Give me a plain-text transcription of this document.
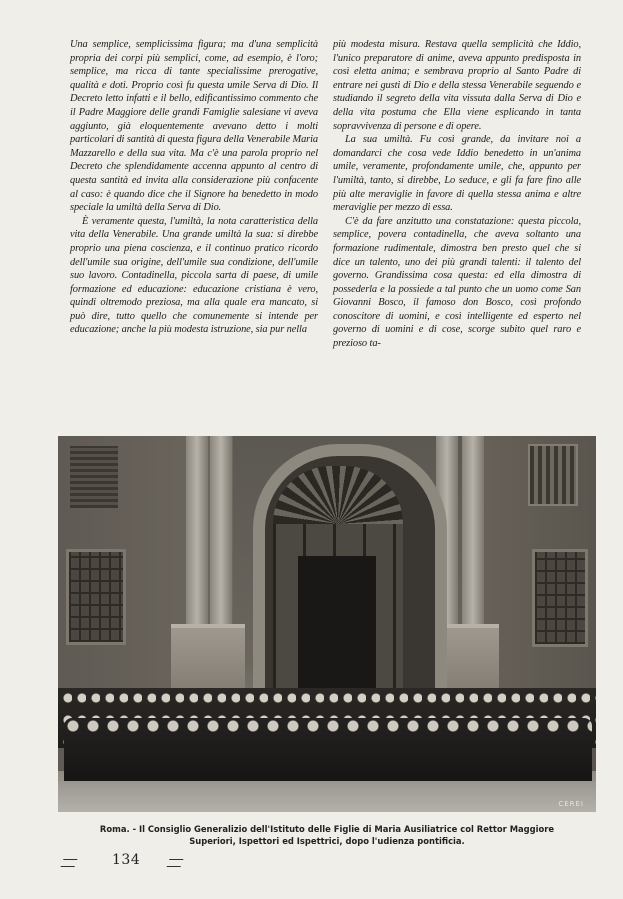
Una semplice, semplicissima figura; ma d'una semplicità propria dei corpi più semplici, come, ad esempio, è l'oro; semplice, ma ricca di tante specialissime prerogative, qualità e doti. Proprio così fu questa umile Serva di Dio. Il Decreto letto infatti e il bello, edificantissimo commento che il Padre Maggiore delle grandi Famiglie salesiane vi aveva aggiunto, già eloquentemente avevano detto i molti particolari di santità di questa figura della Venerabile Maria Mazzarello e della sua vita. Ma c'è una parola proprio nel Decreto che splendidamente accenna appunto al centro di questa santità ed invita alla considerazione più confacente al caso: è quando dice che il Signore ha benedetto in modo speciale la umiltà della Serva di Dio.

È veramente questa, l'umiltà, la nota caratteristica della vita della Venerabile. Una grande umiltà la sua: si direbbe proprio una piena coscienza, e il continuo pratico ricordo dell'umile sua origine, dell'umile sua condizione, dell'umile suo lavoro. Contadinella, piccola sarta di paese, di umile formazione ed educazione: educazione cristiana è vero, quindi oltremodo preziosa, ma alla quale era mancato, si può dire, tutto quello che comunemente si intende per educazione; anche la più modesta istruzione, sia pur nella

più modesta misura. Restava quella semplicità che Iddio, l'unico preparatore di anime, aveva appunto predisposta in così eletta anima; e sembrava proprio al Santo Padre di entrare nei gusti di Dio e della stessa Venerabile seguendo e studiando il segreto della vita vissuta dalla Serva di Dio e della vita postuma che Ella viene esplicando in tanta sopravvivenza di persone e di opere.

La sua umiltà. Fu così grande, da invitare noi a domandarci che cosa vede Iddio benedetto in un'anima umile, veramente, profondamente umile, che, appunto per l'umiltà, tanto, si direbbe, Lo seduce, e gli fa fare fino alle più alte meraviglie in favore di quella stessa anima e altre meraviglie per mezzo di essa.

C'è da fare anzitutto una constatazione: questa piccola, semplice, povera contadinella, che aveva soltanto una formazione rudimentale, dimostra ben presto quel che si dice un talento, uno dei più grandi talenti: il talento del governo. Grandissima cosa questa: ed ella dimostra di possederla e la possiede a tal punto che un uomo come San Giovanni Bosco, il famoso don Bosco, così profondo conoscitore di uomini, e così intelligente ed esperto nel governo di uomini e di cose, scorge subito quel raro e prezioso ta-

CEREI
Roma. - Il Consiglio Generalizio dell'Istituto delle Figlie di Maria Ausiliatrice col Rettor Maggiore
Superiori, Ispettori ed Ispettrici, dopo l'udienza pontificia.
134
